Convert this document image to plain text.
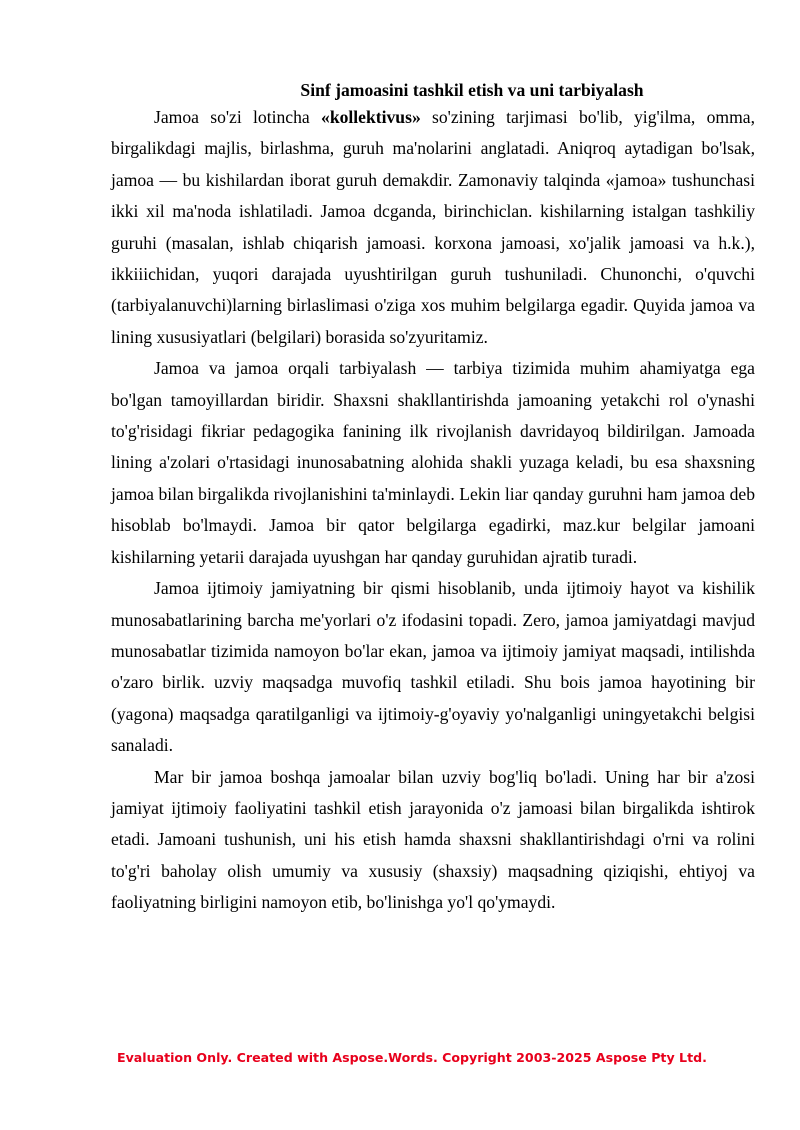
Sinf jamoasini tashkil etish va uni tarbiyalash

Jamoa so'zi lotincha «kollektivus» so'zining tarjimasi bo'lib, yig'ilma, omma, birgalikdagi majlis, birlashma, guruh ma'nolarini anglatadi. Aniqroq aytadigan bo'lsak, jamoa — bu kishilardan iborat guruh demakdir. Zamonaviy talqinda «jamoa» tushunchasi ikki xil ma'noda ishlatiladi. Jamoa dcganda, birinchiclan. kishilarning istalgan tashkiliy guruhi (masalan, ishlab chiqarish jamoasi. korxona jamoasi, xo'jalik jamoasi va h.k.), ikkiiichidan, yuqori darajada uyushtirilgan guruh tushuniladi. Chunonchi, o'quvchi (tarbiyalanuvchi)larning birlaslimasi o'ziga xos muhim belgilarga egadir. Quyida jamoa va lining xususiyatlari (belgilari) borasida so'zyuritamiz.

Jamoa va jamoa orqali tarbiyalash — tarbiya tizimida muhim ahamiyatga ega bo'lgan tamoyillardan biridir. Shaxsni shakllantirishda jamoaning yetakchi rol o'ynashi to'g'risidagi fikriar pedagogika fanining ilk rivojlanish davridayoq bildirilgan. Jamoada lining a'zolari o'rtasidagi inunosabatning alohida shakli yuzaga keladi, bu esa shaxsning jamoa bilan birgalikda rivojlanishini ta'minlaydi. Lekin liar qanday guruhni ham jamoa deb hisoblab bo'lmaydi. Jamoa bir qator belgilarga egadirki, maz.kur belgilar jamoani kishilarning yetarii darajada uyushgan har qanday guruhidan ajratib turadi.

Jamoa ijtimoiy jamiyatning bir qismi hisoblanib, unda ijtimoiy hayot va kishilik munosabatlarining barcha me'yorlari o'z ifodasini topadi. Zero, jamoa jamiyatdagi mavjud munosabatlar tizimida namoyon bo'lar ekan, jamoa va ijtimoiy jamiyat maqsadi, intilishda o'zaro birlik. uzviy maqsadga muvofiq tashkil etiladi. Shu bois jamoa hayotining bir (yagona) maqsadga qaratilganligi va ijtimoiy-g'oyaviy yo'nalganligi uningyetakchi belgisi sanaladi.

Mar bir jamoa boshqa jamoalar bilan uzviy bog'liq bo'ladi. Uning har bir a'zosi jamiyat ijtimoiy faoliyatini tashkil etish jarayonida o'z jamoasi bilan birgalikda ishtirok etadi. Jamoani tushunish, uni his etish hamda shaxsni shakllantirishdagi o'rni va rolini to'g'ri baholay olish umumiy va xususiy (shaxsiy) maqsadning qiziqishi, ehtiyoj va faoliyatning birligini namoyon etib, bo'linishga yo'l qo'ymaydi.

Evaluation Only. Created with Aspose.Words. Copyright 2003-2025 Aspose Pty Ltd.
